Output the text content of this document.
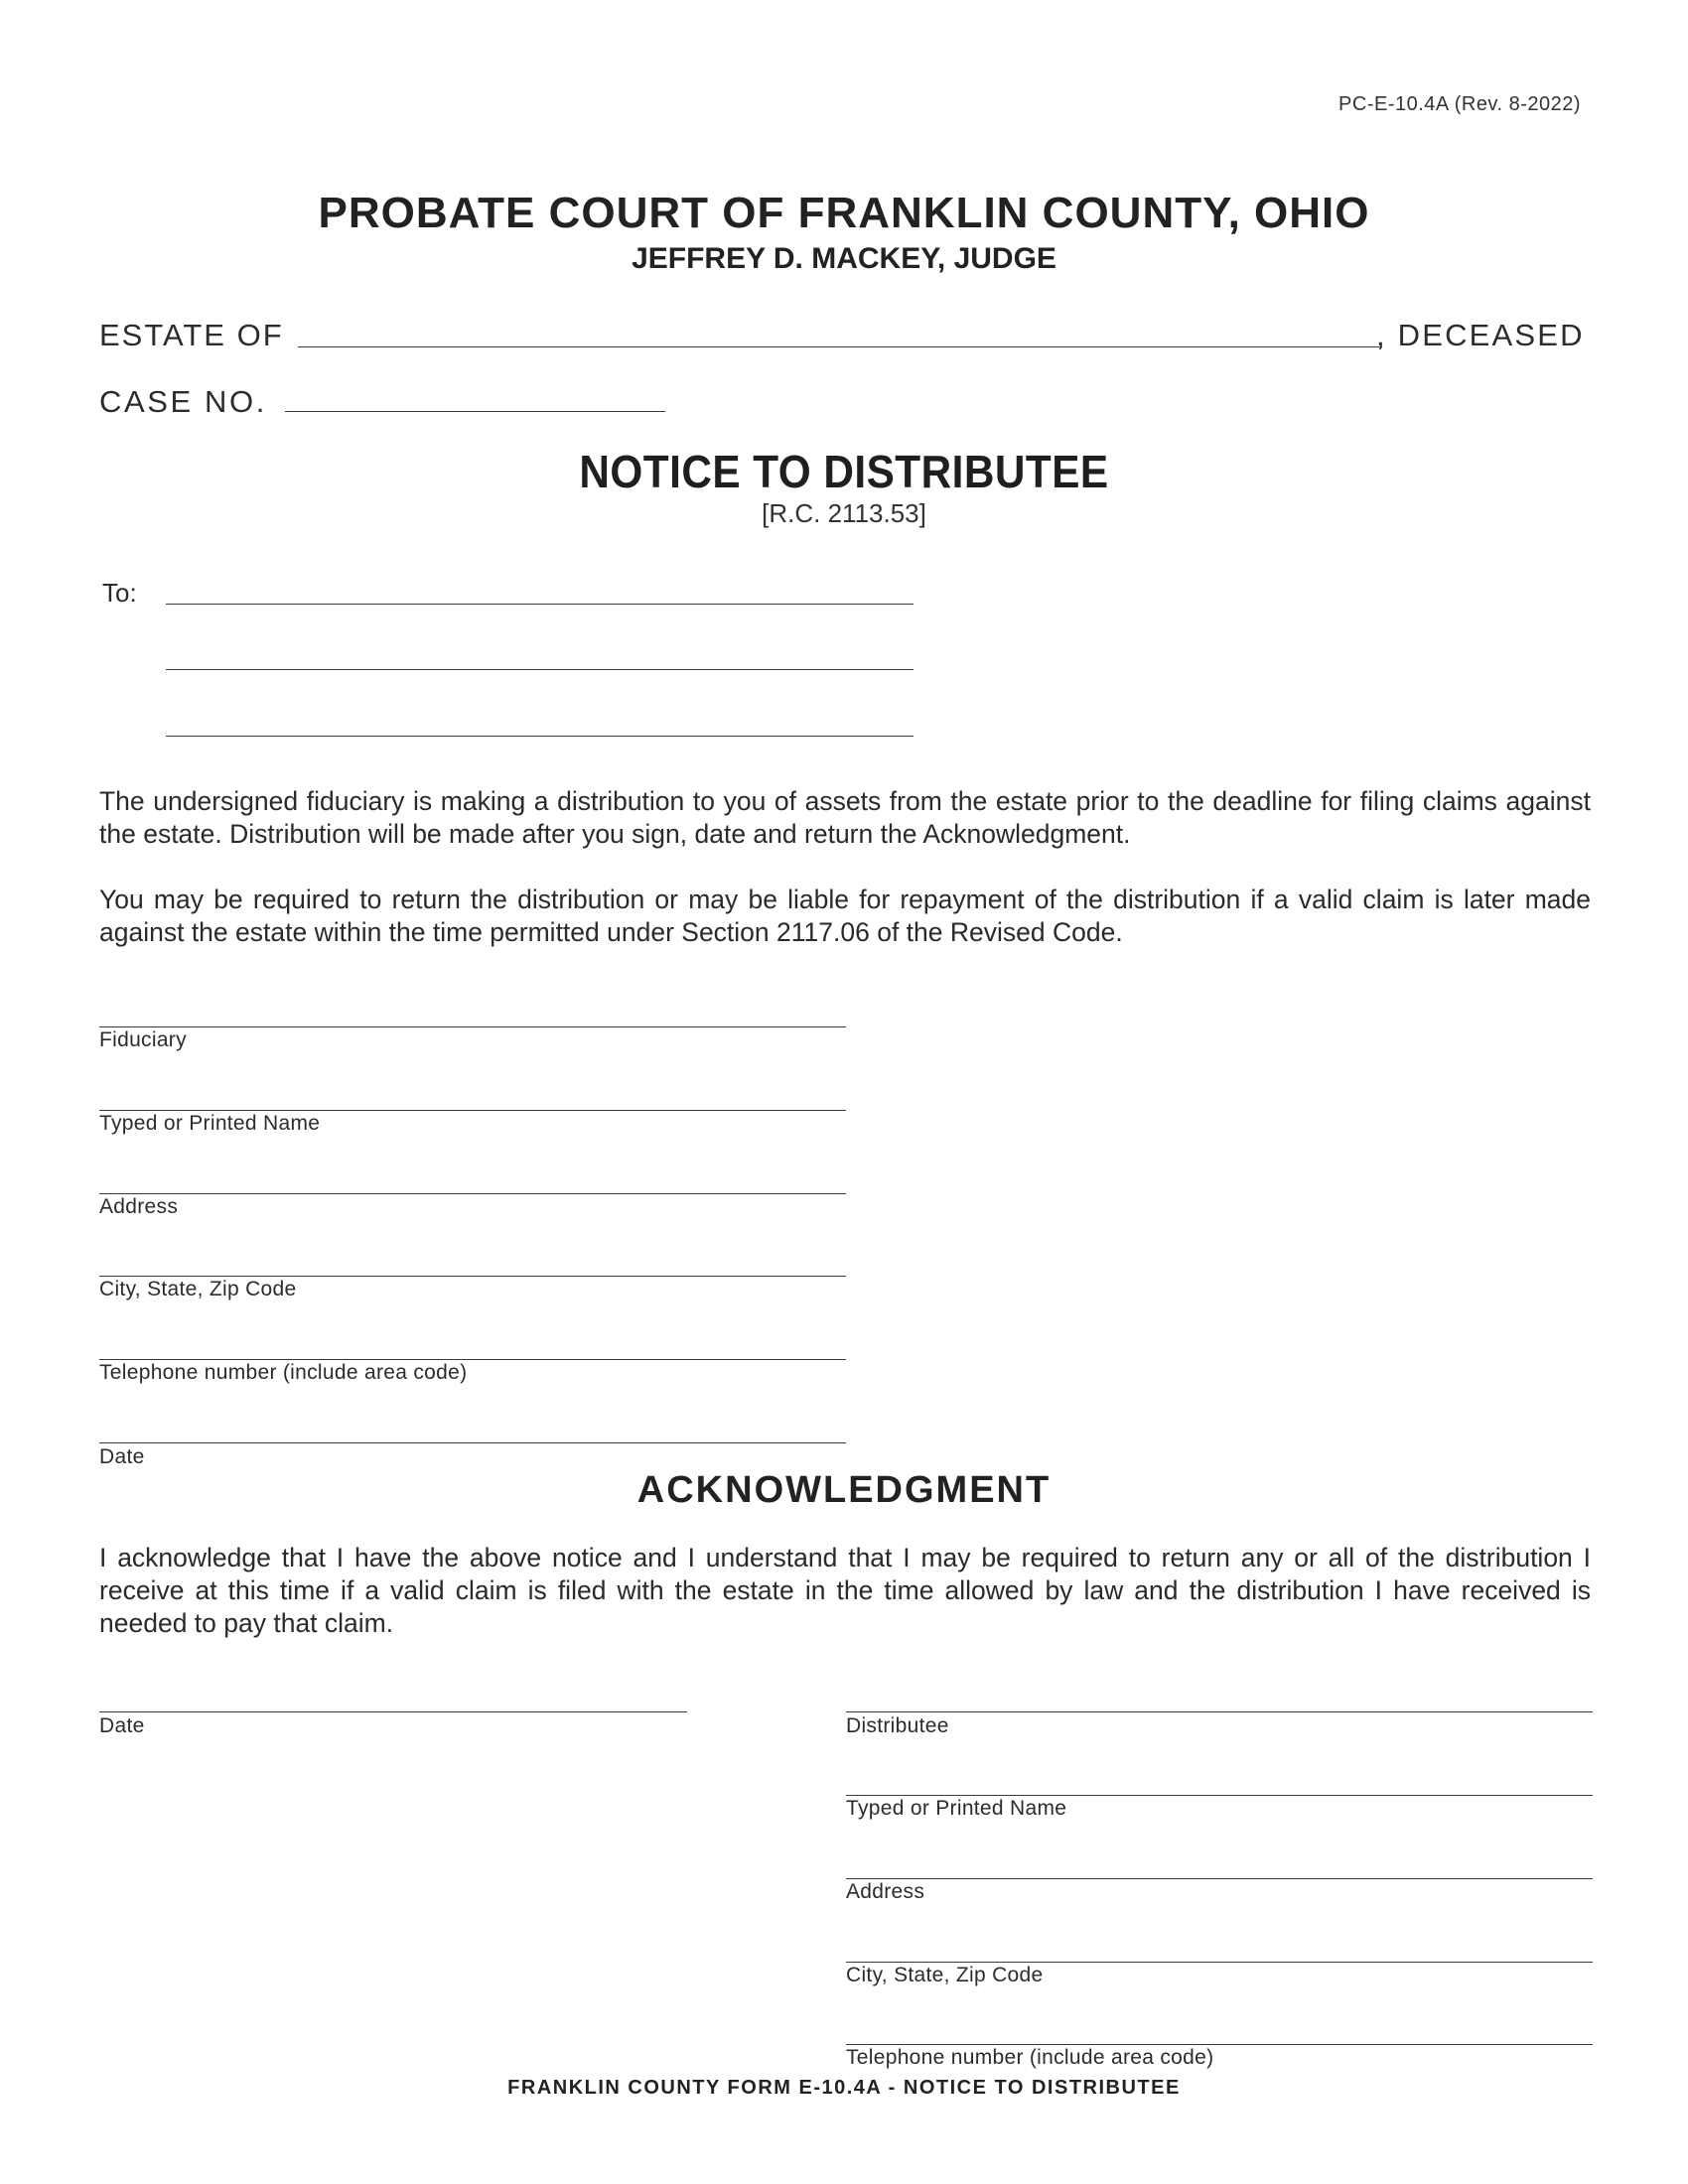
PC-E-10.4A (Rev. 8-2022)
PROBATE COURT OF FRANKLIN COUNTY, OHIO
JEFFREY D. MACKEY, JUDGE
ESTATE OF	, DECEASED
CASE NO.
NOTICE TO DISTRIBUTEE
[R.C. 2113.53]
To:
The undersigned fiduciary is making a distribution to you of assets from the estate prior to the deadline for filing claims against the estate. Distribution will be made after you sign, date and return the Acknowledgment.
You may be required to return the distribution or may be liable for repayment of the distribution if a valid claim is later made against the estate within the time permitted under Section 2117.06 of the Revised Code.
Fiduciary
Typed or Printed Name
Address
City, State, Zip Code
Telephone number (include area code)
Date
ACKNOWLEDGMENT
I acknowledge that I have the above notice and I understand that I may be required to return any or all of the distribution I receive at this time if a valid claim is filed with the estate in the time allowed by law and the distribution I have received is needed to pay that claim.
Date	Distributee
Typed or Printed Name
Address
City, State, Zip Code
Telephone number (include area code)
FRANKLIN COUNTY FORM E-10.4A - NOTICE TO DISTRIBUTEE
